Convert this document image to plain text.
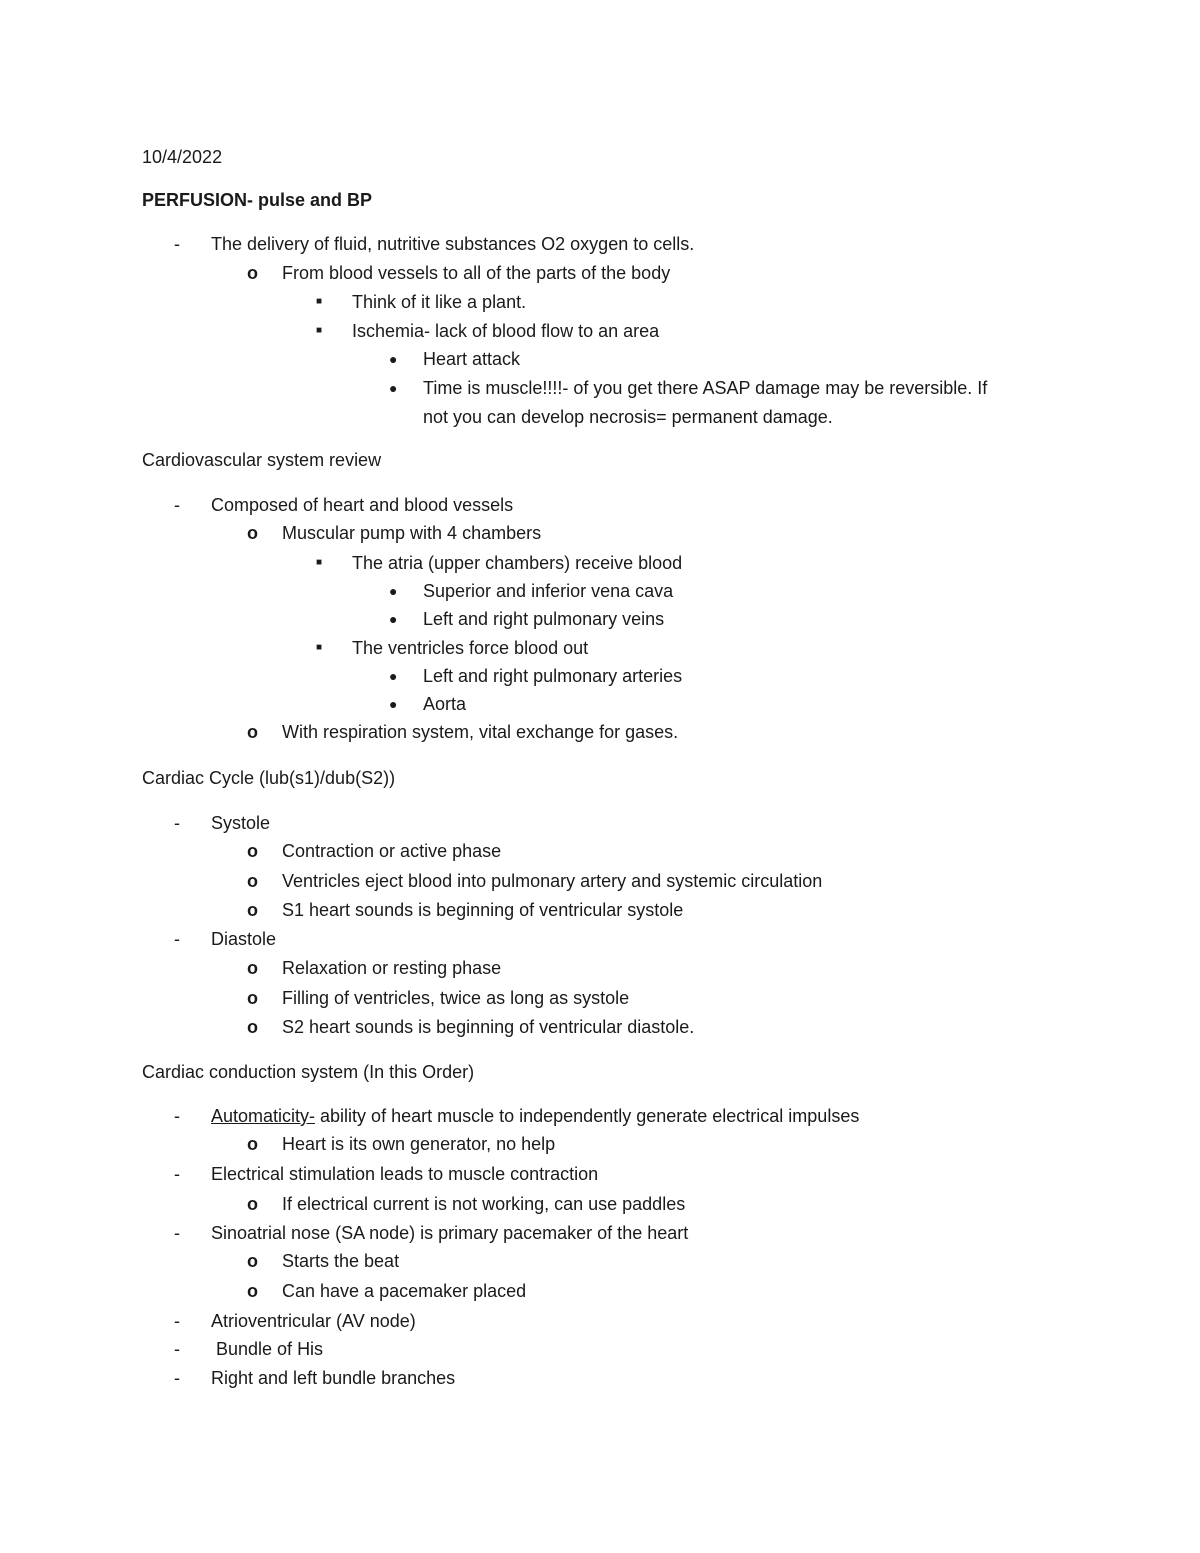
10/4/2022
PERFUSION- pulse and BP
- The delivery of fluid, nutritive substances O2 oxygen to cells.
o From blood vessels to all of the parts of the body
■ Think of it like a plant.
■ Ischemia- lack of blood flow to an area
● Heart attack
● Time is muscle!!!!- of you get there ASAP damage may be reversible. If
not you can develop necrosis= permanent damage.
Cardiovascular system review
- Composed of heart and blood vessels
o Muscular pump with 4 chambers
■ The atria (upper chambers) receive blood
● Superior and inferior vena cava
● Left and right pulmonary veins
■ The ventricles force blood out
● Left and right pulmonary arteries
● Aorta
o With respiration system, vital exchange for gases.
Cardiac Cycle (lub(s1)/dub(S2))
- Systole
o Contraction or active phase
o Ventricles eject blood into pulmonary artery and systemic circulation
o S1 heart sounds is beginning of ventricular systole
- Diastole
o Relaxation or resting phase
o Filling of ventricles, twice as long as systole
o S2 heart sounds is beginning of ventricular diastole.
Cardiac conduction system (In this Order)
- Automaticity- ability of heart muscle to independently generate electrical impulses
o Heart is its own generator, no help
- Electrical stimulation leads to muscle contraction
o If electrical current is not working, can use paddles
- Sinoatrial nose (SA node) is primary pacemaker of the heart
o Starts the beat
o Can have a pacemaker placed
- Atrioventricular (AV node)
- Bundle of His
- Right and left bundle branches
